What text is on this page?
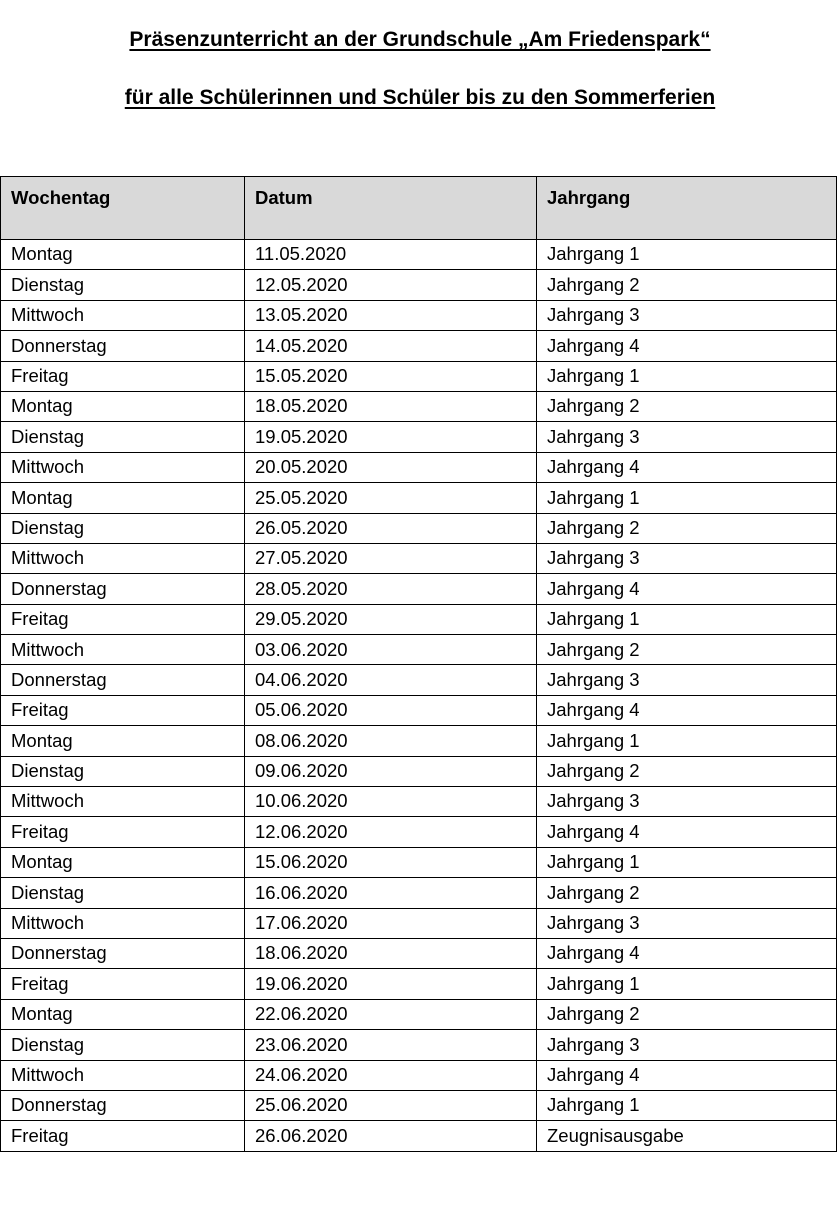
Präsenzunterricht an der Grundschule „Am Friedenspark“
für alle Schülerinnen und Schüler bis zu den Sommerferien
Wochentag	Datum	Jahrgang
Montag	11.05.2020	Jahrgang 1
Dienstag	12.05.2020	Jahrgang 2
Mittwoch	13.05.2020	Jahrgang 3
Donnerstag	14.05.2020	Jahrgang 4
Freitag	15.05.2020	Jahrgang 1
Montag	18.05.2020	Jahrgang 2
Dienstag	19.05.2020	Jahrgang 3
Mittwoch	20.05.2020	Jahrgang 4
Montag	25.05.2020	Jahrgang 1
Dienstag	26.05.2020	Jahrgang 2
Mittwoch	27.05.2020	Jahrgang 3
Donnerstag	28.05.2020	Jahrgang 4
Freitag	29.05.2020	Jahrgang 1
Mittwoch	03.06.2020	Jahrgang 2
Donnerstag	04.06.2020	Jahrgang 3
Freitag	05.06.2020	Jahrgang 4
Montag	08.06.2020	Jahrgang 1
Dienstag	09.06.2020	Jahrgang 2
Mittwoch	10.06.2020	Jahrgang 3
Freitag	12.06.2020	Jahrgang 4
Montag	15.06.2020	Jahrgang 1
Dienstag	16.06.2020	Jahrgang 2
Mittwoch	17.06.2020	Jahrgang 3
Donnerstag	18.06.2020	Jahrgang 4
Freitag	19.06.2020	Jahrgang 1
Montag	22.06.2020	Jahrgang 2
Dienstag	23.06.2020	Jahrgang 3
Mittwoch	24.06.2020	Jahrgang 4
Donnerstag	25.06.2020	Jahrgang 1
Freitag	26.06.2020	Zeugnisausgabe
